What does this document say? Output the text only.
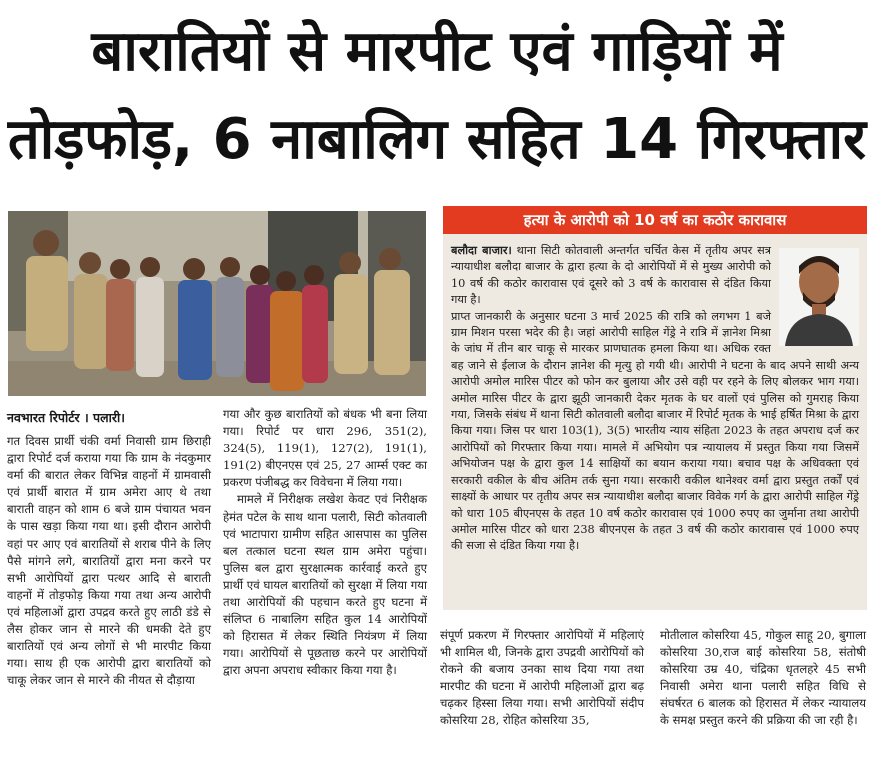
बारातियों से मारपीट एवं गाड़ियों में
तोड़फोड़, 6 नाबालिग सहित 14 गिरफ्तार
नवभारत रिपोर्टर । पलारी।
गत दिवस प्रार्थी चंकी वर्मा निवासी ग्राम छिराही द्वारा रिपोर्ट दर्ज कराया गया कि ग्राम के नंदकुमार वर्मा की बारात लेकर विभिन्न वाहनों में ग्रामवासी एवं प्रार्थी बारात में ग्राम अमेरा आए थे तथा बाराती वाहन को शाम 6 बजे ग्राम पंचायत भवन के पास खड़ा किया गया था। इसी दौरान आरोपी वहां पर आए एवं बारातियों से शराब पीने के लिए पैसे मांगने लगे, बारातियों द्वारा मना करने पर सभी आरोपियों द्वारा पत्थर आदि से बाराती वाहनों में तोड़फोड़ किया गया तथा अन्य आरोपी एवं महिलाओं द्वारा उपद्रव करते हुए लाठी डंडे से लैस होकर जान से मारने की धमकी देते हुए बारातियों एवं अन्य लोगों से भी मारपीट किया गया। साथ ही एक आरोपी द्वारा बारातियों को चाकू लेकर जान से मारने की नीयत से दौड़ाया
गया और कुछ बारातियों को बंधक भी बना लिया गया। रिपोर्ट पर धारा 296, 351(2), 324(5), 119(1), 127(2), 191(1), 191(2) बीएनएस एवं 25, 27 आर्म्स एक्ट का प्रकरण पंजीबद्ध कर विवेचना में लिया गया।
मामले में निरीक्षक लखेश केवट एवं निरीक्षक हेमंत पटेल के साथ थाना पलारी, सिटी कोतवाली एवं भाटापारा ग्रामीण सहित आसपास का पुलिस बल तत्काल घटना स्थल ग्राम अमेरा पहुंचा। पुलिस बल द्वारा सुरक्षात्मक कार्रवाई करते हुए प्रार्थी एवं घायल बारातियों को सुरक्षा में लिया गया तथा आरोपियों की पहचान करते हुए घटना में संलिप्त 6 नाबालिग सहित कुल 14 आरोपियों को हिरासत में लेकर स्थिति नियंत्रण में लिया गया। आरोपियों से पूछताछ करने पर आरोपियों द्वारा अपना अपराध स्वीकार किया गया है।
हत्या के आरोपी को 10 वर्ष का कठोर कारावास
बलौदा बाजार। थाना सिटी कोतवाली अन्तर्गत चर्चित केस में तृतीय अपर सत्र न्यायाधीश बलौदा बाजार के द्वारा हत्या के दो आरोपियों में से मुख्य आरोपी को 10 वर्ष की कठोर कारावास एवं दूसरे को 3 वर्ष के कारावास से दंडित किया गया है।
प्राप्त जानकारी के अनुसार घटना 3 मार्च 2025 की रात्रि को लगभग 1 बजे ग्राम मिशन परसा भदेर की है। जहां आरोपी साहिल गेंड्रे ने रात्रि में ज्ञानेश मिश्रा के जांघ में तीन बार चाकू से मारकर प्राणघातक हमला किया था। अधिक रक्त बह जाने से ईलाज के दौरान ज्ञानेश की मृत्यु हो गयी थी। आरोपी ने घटना के बाद अपने साथी अन्य आरोपी अमोल मारिस पीटर को फोन कर बुलाया और उसे वही पर रहने के लिए बोलकर भाग गया। अमोल मारिस पीटर के द्वारा झूठी जानकारी देकर मृतक के घर वालों एवं पुलिस को गुमराह किया गया, जिसके संबंध में थाना सिटी कोतवाली बलौदा बाजार में रिपोर्ट मृतक के भाई हर्षित मिश्रा के द्वारा किया गया। जिस पर धारा 103(1), 3(5) भारतीय न्याय संहिता 2023 के तहत अपराध दर्ज कर आरोपियों को गिरफ्तार किया गया। मामले में अभियोग पत्र न्यायालय में प्रस्तुत किया गया जिसमें अभियोजन पक्ष के द्वारा कुल 14 साक्षियों का बयान कराया गया। बचाव पक्ष के अधिवक्ता एवं सरकारी वकील के बीच अंतिम तर्क सुना गया। सरकारी वकील थानेश्वर वर्मा द्वारा प्रस्तुत तर्कों एवं साक्ष्यों के आधार पर तृतीय अपर सत्र न्यायाधीश बलौदा बाजार विवेक गर्ग के द्वारा आरोपी साहिल गेंड्रे को धारा 105 बीएनएस के तहत 10 वर्ष कठोर कारावास एवं 1000 रुपए का जुर्माना तथा आरोपी अमोल मारिस पीटर को धारा 238 बीएनएस के तहत 3 वर्ष की कठोर कारावास एवं 1000 रुपए की सजा से दंडित किया गया है।
संपूर्ण प्रकरण में गिरफ्तार आरोपियों में महिलाएं भी शामिल थी, जिनके द्वारा उपद्रवी आरोपियों को रोकने की बजाय उनका साथ दिया गया तथा मारपीट की घटना में आरोपी महिलाओं द्वारा बढ़ चढ़कर हिस्सा लिया गया। सभी आरोपियों संदीप कोसरिया 28, रोहित कोसरिया 35,
मोतीलाल कोसरिया 45, गोकुल साहू 20, बुगाला कोसरिया 30,राज बाई कोसरिया 58, संतोषी कोसरिया उम्र 40, चंद्रिका धृतलहरे 45 सभी निवासी अमेरा थाना पलारी सहित विधि से संघर्षरत 6 बालक को हिरासत में लेकर न्यायालय के समक्ष प्रस्तुत करने की प्रक्रिया की जा रही है।
